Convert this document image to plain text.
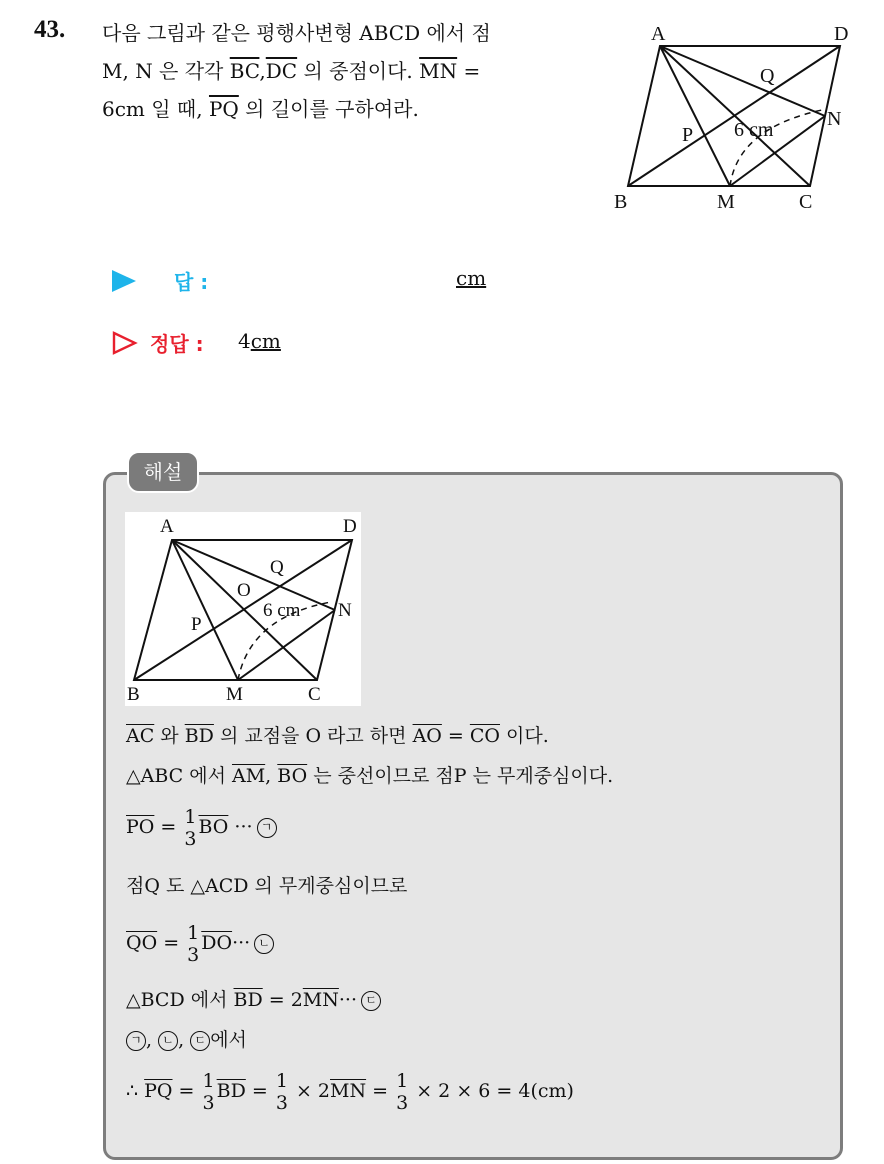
43. 다음 그림과 같은 평행사변형 ABCD 에서 점
M, N 은 각각 $\overline{BC},\overline{DC}$ 의 중점이다. $\overline{MN}$ =
6cm 일 때, $\overline{PQ}$ 의 길이를 구하여라.
A	D
B	M	C
N
Q
P 6 cm
답 :	cm
정답 : 4cm
해설
A	D
B	M	C
N
O
Q
P
6 cm
$\overline{AC}$ 와 $\overline{BD}$ 의 교점을 O 라고 하면 $\overline{AO} = \overline{CO}$ 이다.
△ABC 에서 $\overline{AM}$, $\overline{BO}$ 는 중선이므로 점P 는 무게중심이다.
$\overline{PO} = 1$
3
$\overline{BO}$ ··· ㄱ
점Q 도 △ACD 의 무게중심이므로
$\overline{QO} = 1$
3
$\overline{DO}\cdot\cdot\cdot$ ㄴ
△BCD 에서 $\overline{BD} = 2\overline{MN}\cdot\cdot\cdot$ ㄷ
ㄱ , ㄴ , ㄷ 에서
∴ $\overline{PQ} = 1$
3
$\overline{BD} = 1$
3
× $2\overline{MN} = 1$
3
× 2 × 6 = 4(cm)
